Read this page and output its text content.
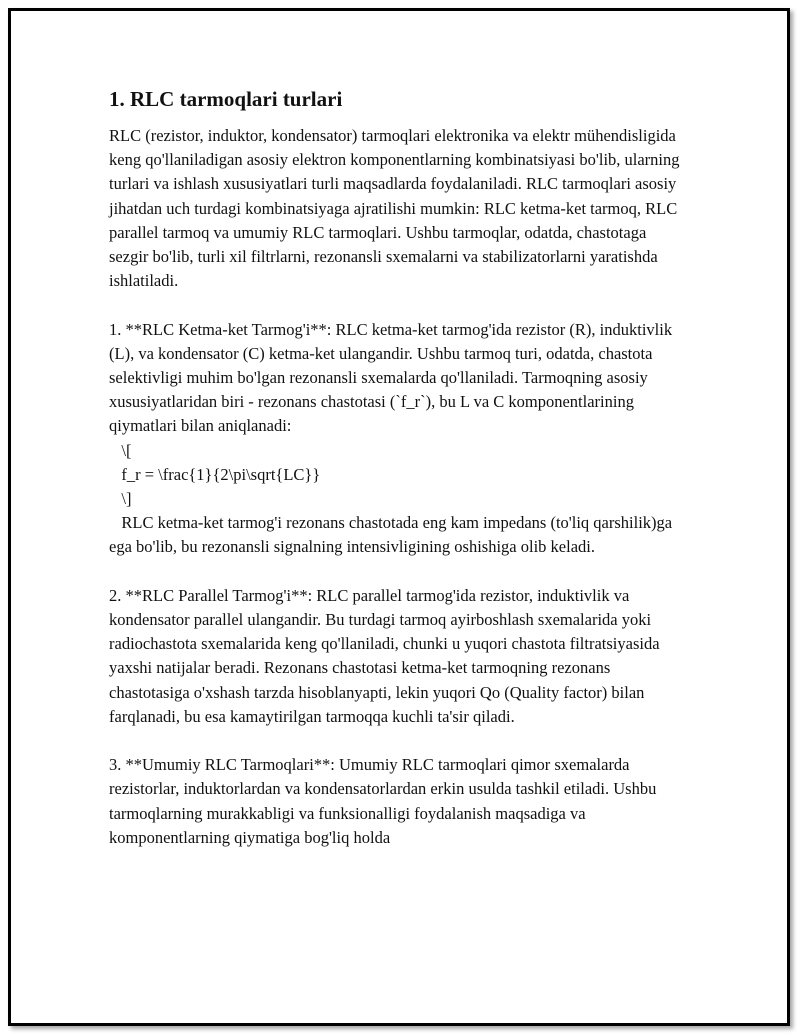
1. RLC tarmoqlari turlari

RLC (rezistor, induktor, kondensator) tarmoqlari elektronika va elektr mühendisligida keng qo'llaniladigan asosiy elektron komponentlarning kombinatsiyasi bo'lib, ularning turlari va ishlash xususiyatlari turli maqsadlarda foydalaniladi. RLC tarmoqlari asosiy jihatdan uch turdagi kombinatsiyaga ajratilishi mumkin: RLC ketma-ket tarmoq, RLC parallel tarmoq va umumiy RLC tarmoqlari. Ushbu tarmoqlar, odatda, chastotaga sezgir bo'lib, turli xil filtrlarni, rezonansli sxemalarni va stabilizatorlarni yaratishda ishlatiladi.

1. **RLC Ketma-ket Tarmog'i**: RLC ketma-ket tarmog'ida rezistor (R), induktivlik (L), va kondensator (C) ketma-ket ulangandir. Ushbu tarmoq turi, odatda, chastota selektivligi muhim bo'lgan rezonansli sxemalarda qo'llaniladi. Tarmoqning asosiy xususiyatlaridan biri - rezonans chastotasi (`f_r`), bu L va C komponentlarining qiymatlari bilan aniqlanadi:

\[

f_r = \frac{1}{2\pi\sqrt{LC}}

\]

RLC ketma-ket tarmog'i rezonans chastotada eng kam impedans (to'liq qarshilik)ga ega bo'lib, bu rezonansli signalning intensivligining oshishiga olib keladi.

2. **RLC Parallel Tarmog'i**: RLC parallel tarmog'ida rezistor, induktivlik va kondensator parallel ulangandir. Bu turdagi tarmoq ayirboshlash sxemalarida yoki radiochastota sxemalarida keng qo'llaniladi, chunki u yuqori chastota filtratsiyasida yaxshi natijalar beradi. Rezonans chastotasi ketma-ket tarmoqning rezonans chastotasiga o'xshash tarzda hisoblanyapti, lekin yuqori Qo (Quality factor) bilan farqlanadi, bu esa kamaytirilgan tarmoqqa kuchli ta'sir qiladi.

3. **Umumiy RLC Tarmoqlari**: Umumiy RLC tarmoqlari qimor sxemalarda rezistorlar, induktorlardan va kondensatorlardan erkin usulda tashkil etiladi. Ushbu tarmoqlarning murakkabligi va funksionalligi foydalanish maqsadiga va komponentlarning qiymatiga bog'liq holda
